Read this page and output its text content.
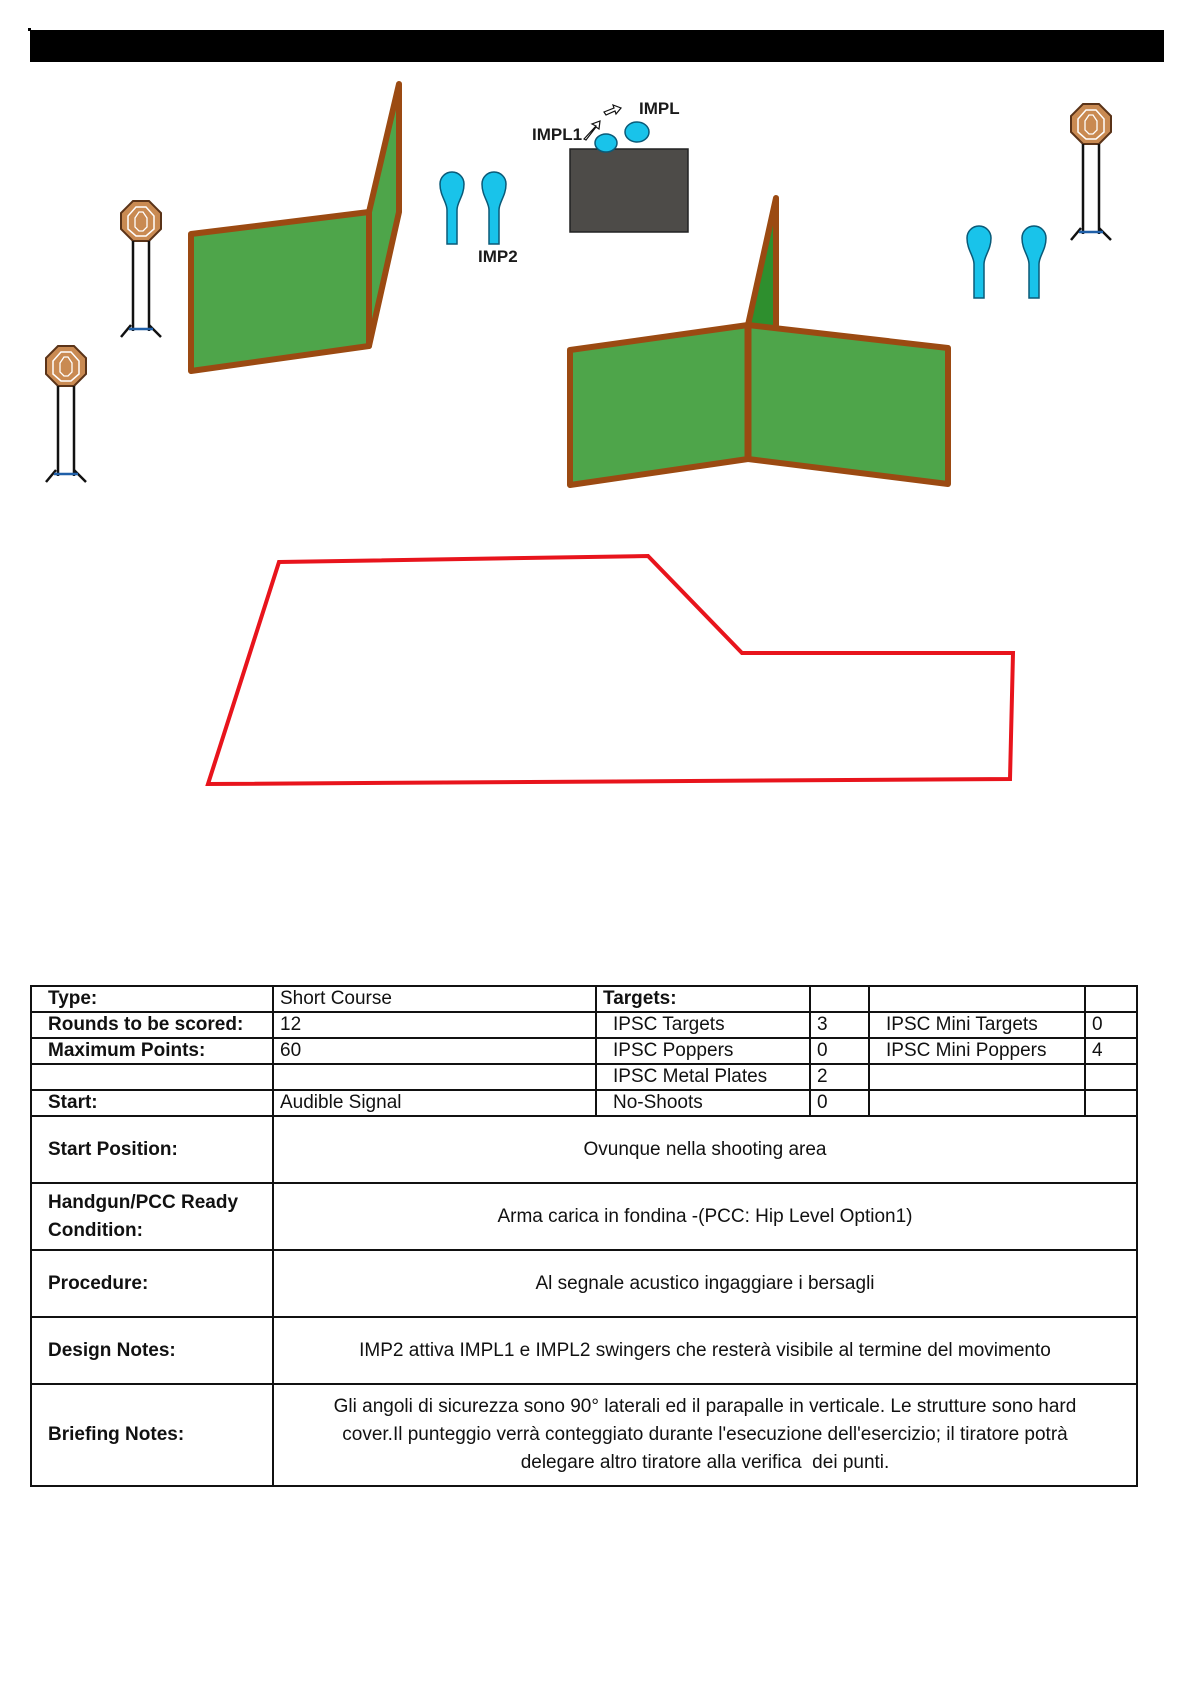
IMPL
IMPL1
IMP2
Type:	Short Course	Targets:			
Rounds to be scored:	12	IPSC Targets	3	IPSC Mini Targets	0
Maximum Points:	60	IPSC Poppers	0	IPSC Mini Poppers	4
		IPSC Metal Plates	2		
Start:	Audible Signal	No-Shoots	0		
Start Position:	Ovunque nella shooting area				
Handgun/PCC Ready
Condition:	Arma carica in fondina -(PCC: Hip Level Option1)				
Procedure:	Al segnale acustico ingaggiare i bersagli				
Design Notes:	IMP2 attiva IMPL1 e IMPL2 swingers che resterà visibile al termine del movimento				
Briefing Notes:	Gli angoli di sicurezza sono 90° laterali ed il parapalle in verticale. Le strutture sono hard
cover.Il punteggio verrà conteggiato durante l'esecuzione dell'esercizio; il tiratore potrà
delegare altro tiratore alla verifica  dei punti.				
